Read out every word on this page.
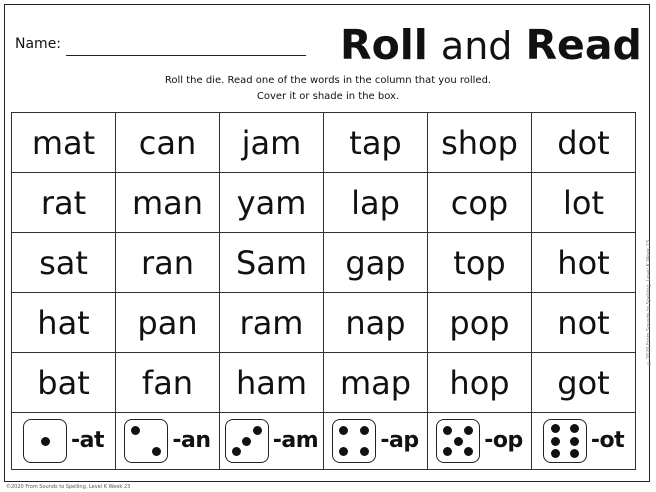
Name:	Roll and Read
Roll the die. Read one of the words in the column that you rolled.
Cover it or shade in the box.
mat	can	jam	tap	shop	dot
rat	man	yam	lap	cop	lot
sat	ran	Sam	gap	top	hot
hat	pan	ram	nap	pop	not
bat	fan	ham	map	hop	got

-at	-an	-am	-ap	-op	-ot
©2020 From Sounds to Spelling, Level K Week 23
©2020 From Sounds to Spelling, Level K Week 23
